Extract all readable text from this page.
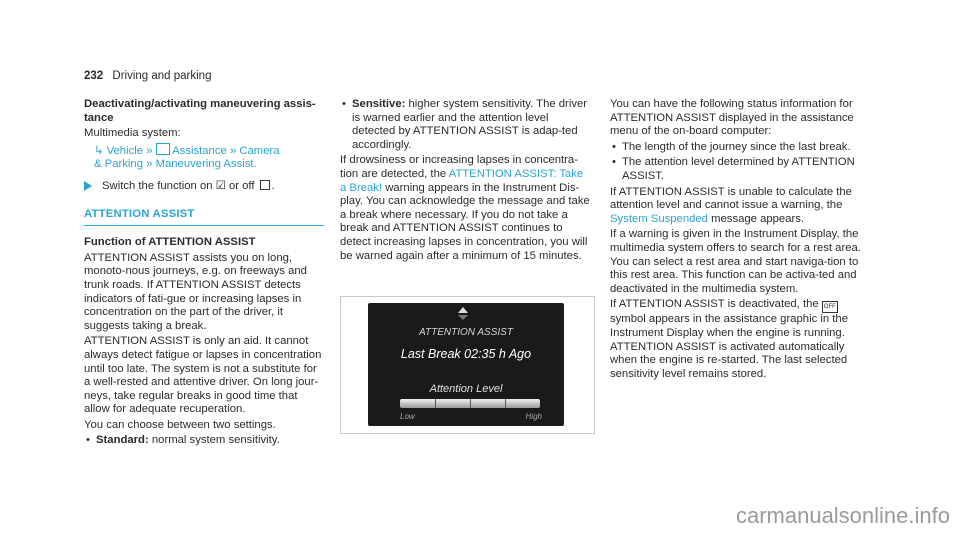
232 Driving and parking

Deactivating/activating maneuvering assis-tance

Multimedia system:

↳ Vehicle » Assistance » Camera
& Parking » Maneuvering Assist.

Switch the function on ☑ or off .

ATTENTION ASSIST

Function of ATTENTION ASSIST

ATTENTION ASSIST assists you on long, monoto-nous journeys, e.g. on freeways and trunk roads. If ATTENTION ASSIST detects indicators of fati-gue or increasing lapses in concentration on the part of the driver, it suggests taking a break.

ATTENTION ASSIST is only an aid. It cannot always detect fatigue or lapses in concentration until too late. The system is not a substitute for a well-rested and attentive driver. On long jour-neys, take regular breaks in good time that allow for adequate recuperation.

You can choose between two settings.

• Standard: normal system sensitivity.

• Sensitive: higher system sensitivity. The driver is warned earlier and the attention level detected by ATTENTION ASSIST is adap-ted accordingly.

If drowsiness or increasing lapses in concentra-tion are detected, the ATTENTION ASSIST: Take a Break! warning appears in the Instrument Dis-play. You can acknowledge the message and take a break where necessary. If you do not take a break and ATTENTION ASSIST continues to detect increasing lapses in concentration, you will be warned again after a minimum of 15 minutes.

ATTENTION ASSIST
Last Break 02:35 h Ago
Attention Level
Low	High

You can have the following status information for ATTENTION ASSIST displayed in the assistance menu of the on-board computer:

• The length of the journey since the last break.

• The attention level determined by ATTENTION ASSIST.

If ATTENTION ASSIST is unable to calculate the attention level and cannot issue a warning, the System Suspended message appears.

If a warning is given in the Instrument Display, the multimedia system offers to search for a rest area. You can select a rest area and start naviga-tion to this rest area. This function can be activa-ted and deactivated in the multimedia system.

If ATTENTION ASSIST is deactivated, the OFF symbol appears in the assistance graphic in the Instrument Display when the engine is running. ATTENTION ASSIST is activated automatically when the engine is re-started. The last selected sensitivity level remains stored.

carmanualsonline.info
